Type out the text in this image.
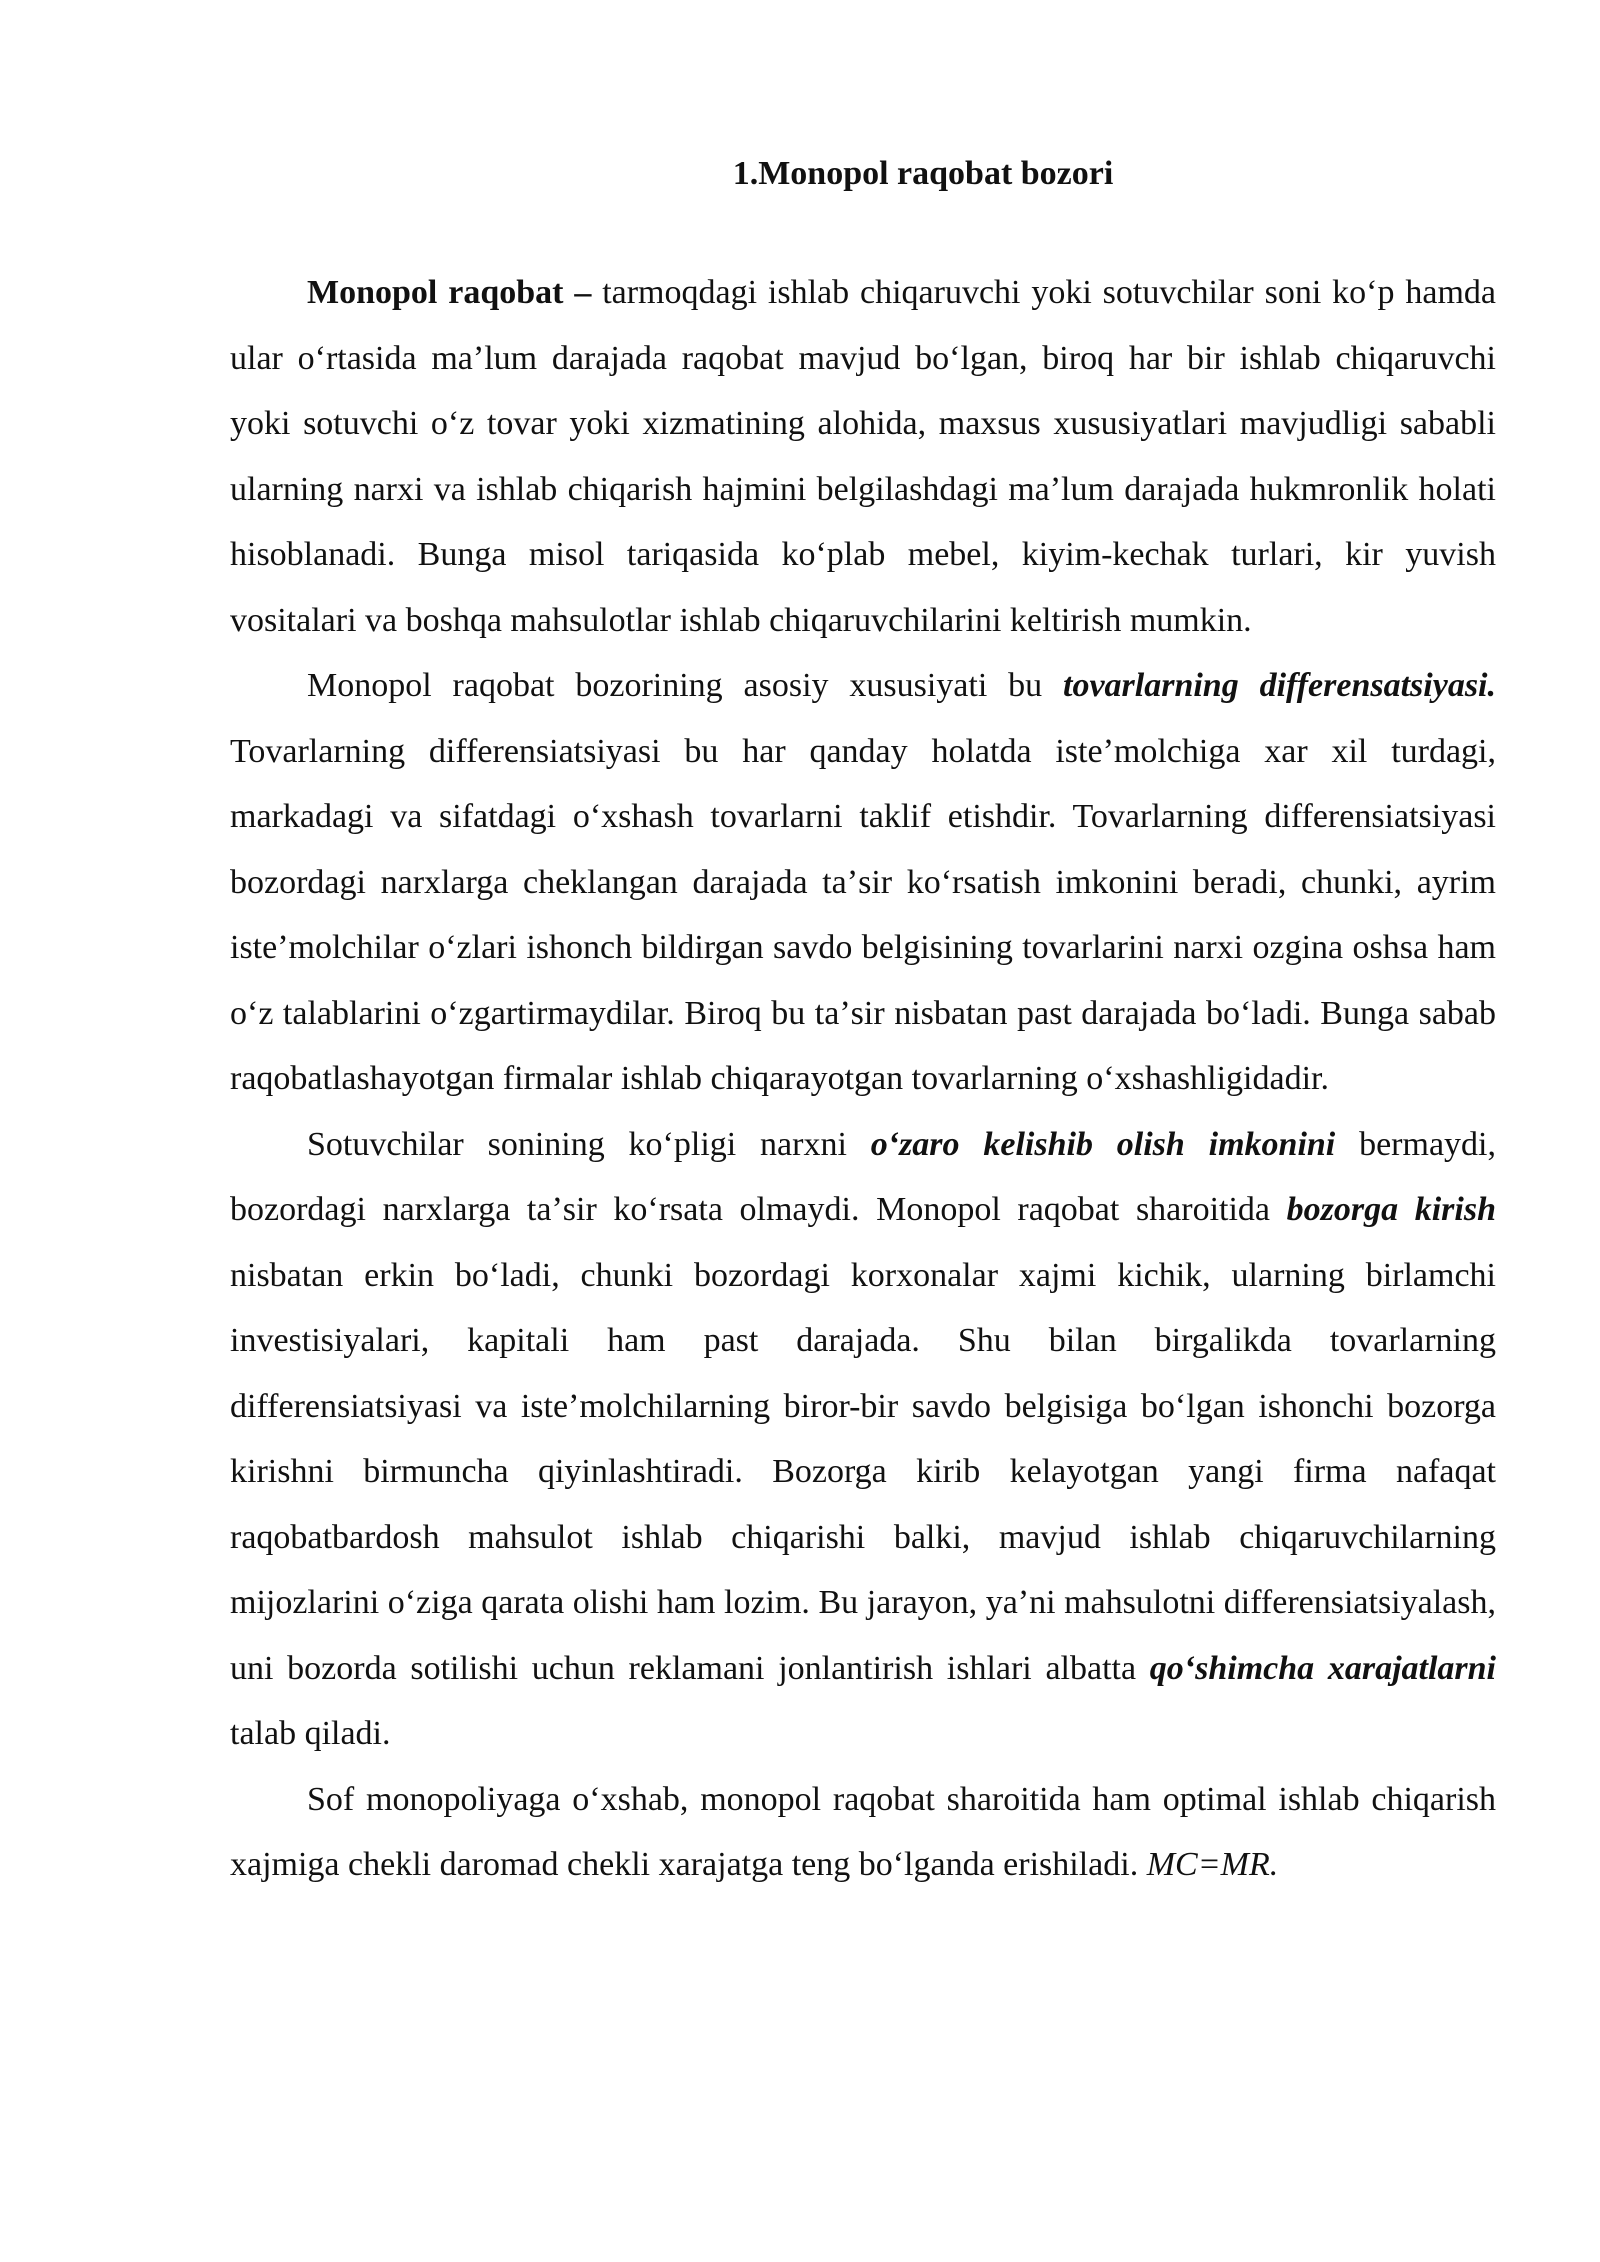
1.Monopol raqobat bozori

Monopol raqobat – tarmoqdagi ishlab chiqaruvchi yoki sotuvchilar soni koʻp hamda ular oʻrtasida maʼlum darajada raqobat mavjud boʻlgan, biroq har bir ishlab chiqaruvchi yoki sotuvchi oʻz tovar yoki xizmatining alohida, maxsus xususiyatlari mavjudligi sababli ularning narxi va ishlab chiqarish hajmini belgilashdagi maʼlum darajada hukmronlik holati hisoblanadi. Bunga misol tariqasida koʻplab mebel, kiyim-kechak turlari, kir yuvish vositalari va boshqa mahsulotlar ishlab chiqaruvchilarini keltirish mumkin.

Monopol raqobat bozorining asosiy xususiyati bu tovarlarning differensatsiyasi. Tovarlarning differensiatsiyasi bu har qanday holatda isteʼmolchiga xar xil turdagi, markadagi va sifatdagi oʻxshash tovarlarni taklif etishdir. Tovarlarning differensiatsiyasi bozordagi narxlarga cheklangan darajada taʼsir koʻrsatish imkonini beradi, chunki, ayrim isteʼmolchilar oʻzlari ishonch bildirgan savdo belgisining tovarlarini narxi ozgina oshsa ham oʻz talablarini oʻzgartirmaydilar. Biroq bu taʼsir nisbatan past darajada boʻladi. Bunga sabab raqobatlashayotgan firmalar ishlab chiqarayotgan tovarlarning oʻxshashligidadir.

Sotuvchilar sonining koʻpligi narxni oʻzaro kelishib olish imkonini bermaydi, bozordagi narxlarga taʼsir koʻrsata olmaydi. Monopol raqobat sharoitida bozorga kirish nisbatan erkin boʻladi, chunki bozordagi korxonalar xajmi kichik, ularning birlamchi investisiyalari, kapitali ham past darajada. Shu bilan birgalikda tovarlarning differensiatsiyasi va isteʼmolchilarning biror-bir savdo belgisiga boʻlgan ishonchi bozorga kirishni birmuncha qiyinlashtiradi. Bozorga kirib kelayotgan yangi firma nafaqat raqobatbardosh mahsulot ishlab chiqarishi balki, mavjud ishlab chiqaruvchilarning mijozlarini oʻziga qarata olishi ham lozim. Bu jarayon, yaʼni mahsulotni differensiatsiyalash, uni bozorda sotilishi uchun reklamani jonlantirish ishlari albatta qoʻshimcha xarajatlarni talab qiladi.

Sof monopoliyaga oʻxshab, monopol raqobat sharoitida ham optimal ishlab chiqarish xajmiga chekli daromad chekli xarajatga teng boʻlganda erishiladi. MC=MR.
